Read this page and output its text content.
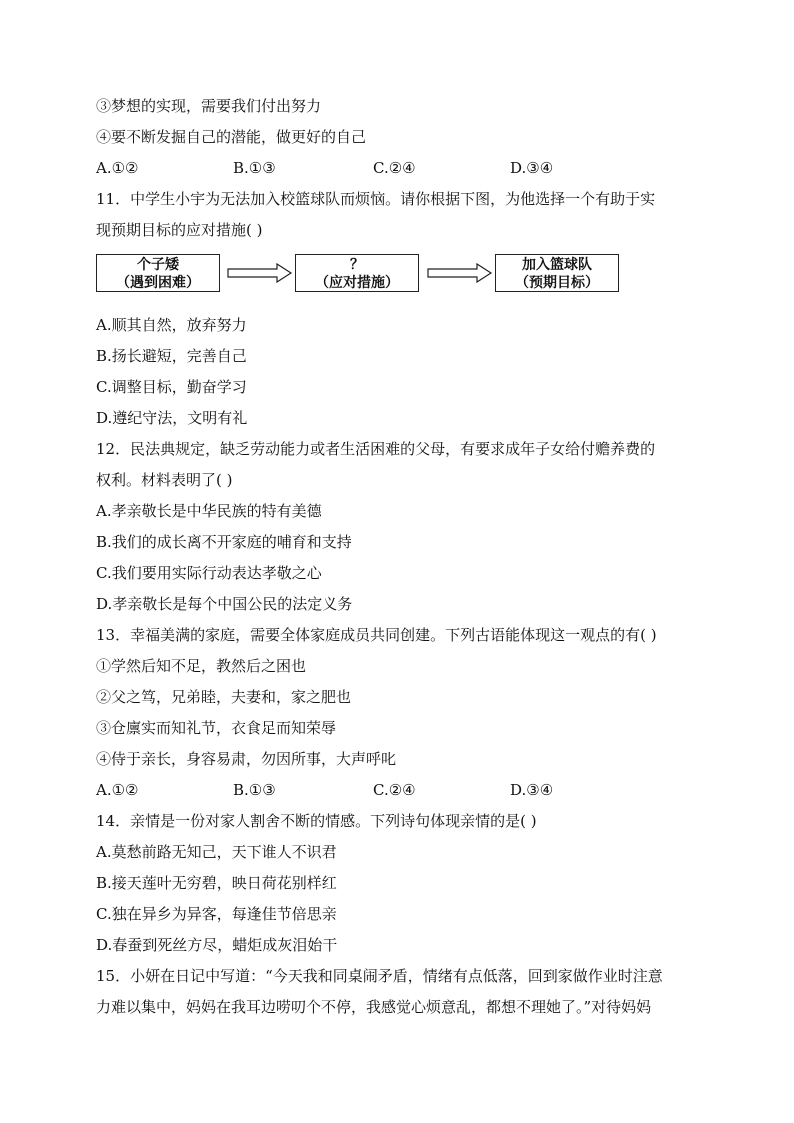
③梦想的实现，需要我们付出努力
④要不断发掘自己的潜能，做更好的自己
A.①②	B.①③	C.②④	D.③④
11．中学生小宇为无法加入校篮球队而烦恼。请你根据下图，为他选择一个有助于实
现预期目标的应对措施( )
个子矮
（遇到困难）
？
（应对措施）
加入篮球队
（预期目标）
A.顺其自然，放弃努力
B.扬长避短，完善自己
C.调整目标，勤奋学习
D.遵纪守法，文明有礼
12．民法典规定，缺乏劳动能力或者生活困难的父母，有要求成年子女给付赡养费的
权利。材料表明了( )
A.孝亲敬长是中华民族的特有美德
B.我们的成长离不开家庭的哺育和支持
C.我们要用实际行动表达孝敬之心
D.孝亲敬长是每个中国公民的法定义务
13．幸福美满的家庭，需要全体家庭成员共同创建。下列古语能体现这一观点的有( )
①学然后知不足，教然后之困也
②父之笃，兄弟睦，夫妻和，家之肥也
③仓廪实而知礼节，衣食足而知荣辱
④侍于亲长，身容易肃，勿因所事，大声呼叱
A.①②	B.①③	C.②④	D.③④
14．亲情是一份对家人割舍不断的情感。下列诗句体现亲情的是( )
A.莫愁前路无知己，天下谁人不识君
B.接天莲叶无穷碧，映日荷花别样红
C.独在异乡为异客，每逢佳节倍思亲
D.春蚕到死丝方尽，蜡炬成灰泪始干
15．小妍在日记中写道：“今天我和同桌闹矛盾，情绪有点低落，回到家做作业时注意
力难以集中，妈妈在我耳边唠叨个不停，我感觉心烦意乱，都想不理她了。”对待妈妈
